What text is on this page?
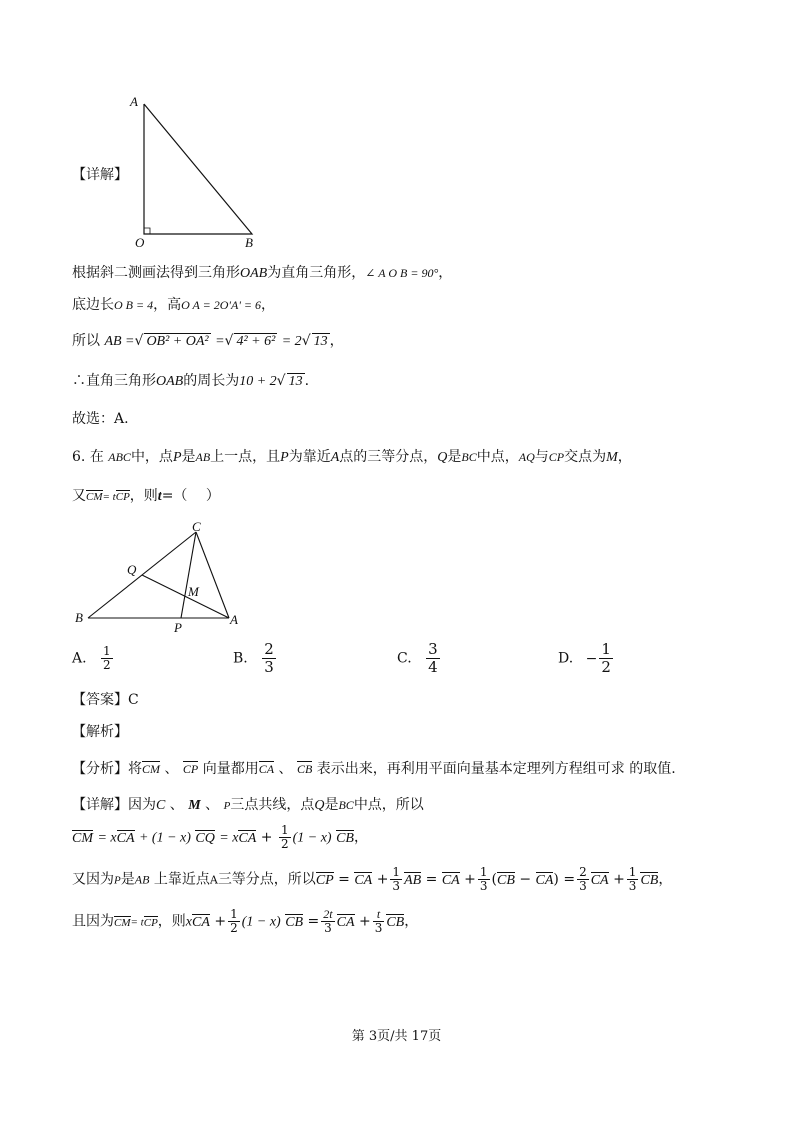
【详解】
A
O	B
根据斜二测画法得到三角形OAB为直角三角形，∠ A O B = 90°，
底边长O B = 4，高O A = 2O'A' = 6，
所以 AB =√ OB² + OA² =√ 4² + 6² = 2√ 13 ，
∴直角三角形OAB的周长为10 + 2√ 13 .
故选：A.
6. 在 ABC中，点P是AB上一点，且P为靠近A点的三等分点，Q是BC中点，AQ与CP交点为M，
又CM= tCP，则t=（　 ）
C
Q
M
B
P
A
A. $\frac{1}{2}$	B. $\frac{2}{3}$	C. $\frac{3}{4}$	D. − $\frac{1}{2}$
【答案】C
【解析】
【分析】将CM 、 CP 向量都用CA 、 CB 表示出来，再利用平面向量基本定理列方程组可求 的取值.
【详解】因为C 、 M 、 P三点共线，点Q是BC中点，所以
CM = xCA + (1 − x) CQ = xCA + $\frac{1}{2} (1 - x)$ CB，
又因为P是AB 上靠近点A三等分点，所以CP = CA + $\frac{1}{3}$ AB = CA + $\frac{1}{3} (CB - CA) = \frac{2}{3}$ CA + $\frac{1}{3}$ CB，
且因为CM= tCP，则xCA + $\frac{1}{2} (1 - x)$ CB = $\frac{2t}{3}$ CA + $\frac{t}{3}$ CB，
第 3页/共 17页
